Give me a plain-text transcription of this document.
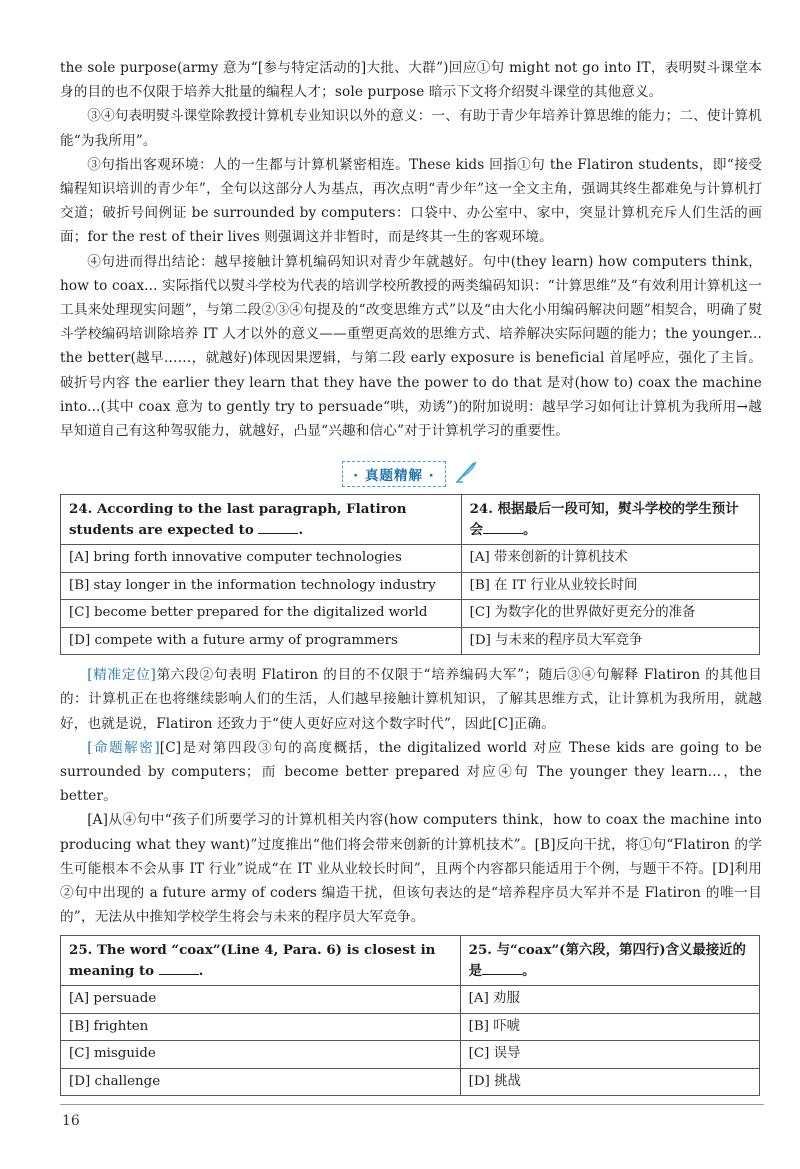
the sole purpose(army 意为“[参与特定活动的]大批、大群”)回应①句 might not go into IT，表明熨斗课堂本身的目的也不仅限于培养大批量的编程人才；sole purpose 暗示下文将介绍熨斗课堂的其他意义。

③④句表明熨斗课堂除教授计算机专业知识以外的意义：一、有助于青少年培养计算思维的能力；二、使计算机能“为我所用”。

③句指出客观环境：人的一生都与计算机紧密相连。These kids 回指①句 the Flatiron students，即“接受编程知识培训的青少年”，全句以这部分人为基点，再次点明“青少年”这一全文主角，强调其终生都难免与计算机打交道；破折号间例证 be surrounded by computers：口袋中、办公室中、家中，突显计算机充斥人们生活的画面；for the rest of their lives 则强调这并非暂时，而是终其一生的客观环境。

④句进而得出结论：越早接触计算机编码知识对青少年就越好。句中(they learn) how computers think，how to coax... 实际指代以熨斗学校为代表的培训学校所教授的两类编码知识：“计算思维”及“有效利用计算机这一工具来处理现实问题”，与第二段②③④句提及的“改变思维方式”以及“由大化小用编码解决问题”相契合，明确了熨斗学校编码培训除培养 IT 人才以外的意义——重塑更高效的思维方式、培养解决实际问题的能力；the younger... the better(越早……，就越好)体现因果逻辑，与第二段 early exposure is beneficial 首尾呼应，强化了主旨。破折号内容 the earlier they learn that they have the power to do that 是对(how to) coax the machine into...(其中 coax 意为 to gently try to persuade“哄，劝诱”)的附加说明：越早学习如何让计算机为我所用→越早知道自己有这种驾驭能力，就越好，凸显“兴趣和信心”对于计算机学习的重要性。

· 真题精解 ·
24. According to the last paragraph, Flatiron students are expected to .	24. 根据最后一段可知，熨斗学校的学生预计会 。
[A] bring forth innovative computer technologies	[A] 带来创新的计算机技术
[B] stay longer in the information technology industry	[B] 在 IT 行业从业较长时间
[C] become better prepared for the digitalized world	[C] 为数字化的世界做好更充分的准备
[D] compete with a future army of programmers	[D] 与未来的程序员大军竞争

[精准定位]第六段②句表明 Flatiron 的目的不仅限于“培养编码大军”；随后③④句解释 Flatiron 的其他目的：计算机正在也将继续影响人们的生活，人们越早接触计算机知识，了解其思维方式，让计算机为我所用，就越好，也就是说，Flatiron 还致力于“使人更好应对这个数字时代”，因此[C]正确。

[命题解密][C]是对第四段③句的高度概括，the digitalized world 对应 These kids are going to be surrounded by computers；而 become better prepared 对应④句 The younger they learn...，the better。

[A]从④句中“孩子们所要学习的计算机相关内容(how computers think，how to coax the machine into producing what they want)”过度推出“他们将会带来创新的计算机技术”。[B]反向干扰，将①句“Flatiron 的学生可能根本不会从事 IT 行业”说成“在 IT 业从业较长时间”，且两个内容都只能适用于个例，与题干不符。[D]利用②句中出现的 a future army of coders 编造干扰，但该句表达的是“培养程序员大军并不是 Flatiron 的唯一目的”，无法从中推知学校学生将会与未来的程序员大军竞争。

25. The word “coax”(Line 4, Para. 6) is closest in meaning to .	25. 与“coax”(第六段，第四行)含义最接近的是 。
[A] persuade	[A] 劝服
[B] frighten	[B] 吓唬
[C] misguide	[C] 误导
[D] challenge	[D] 挑战
16
